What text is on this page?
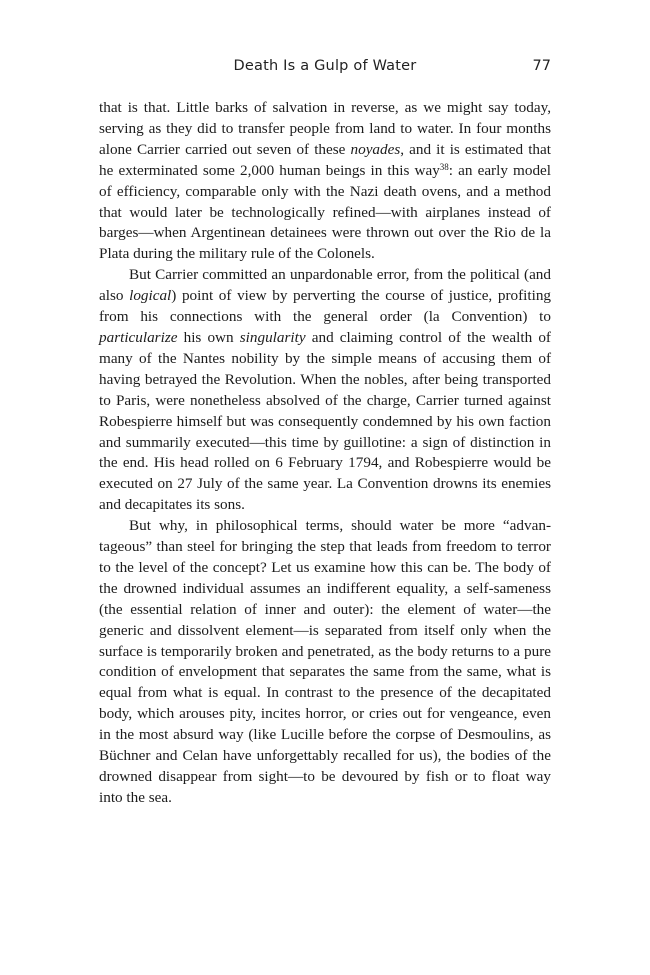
Death Is a Gulp of Water	77

that is that. Little barks of salvation in reverse, as we might say today, serving as they did to transfer people from land to water. In four months alone Carrier carried out seven of these noyades, and it is estimated that he exterminated some 2,000 human beings in this way$^{38}$: an early model of efficiency, comparable only with the Nazi death ovens, and a method that would later be technologically refined—with airplanes instead of barges—when Argentinean detainees were thrown out over the Rio de la Plata during the military rule of the Colonels.

But Carrier committed an unpardonable error, from the political (and also logical) point of view by perverting the course of justice, profiting from his connections with the general order (la Convention) to particularize his own singularity and claiming control of the wealth of many of the Nantes nobility by the simple means of accusing them of having betrayed the Revolution. When the nobles, after being transported to Paris, were nonetheless absolved of the charge, Carrier turned against Robespierre himself but was consequently condemned by his own faction and summarily executed—this time by guillotine: a sign of distinction in the end. His head rolled on 6 February 1794, and Robespierre would be executed on 27 July of the same year. La Convention drowns its enemies and decapitates its sons.

But why, in philosophical terms, should water be more “advantageous” than steel for bringing the step that leads from freedom to terror to the level of the concept? Let us examine how this can be. The body of the drowned individual assumes an indifferent equality, a self-sameness (the essential relation of inner and outer): the element of water—the generic and dissolvent element—is separated from itself only when the surface is temporarily broken and penetrated, as the body returns to a pure condition of envelopment that separates the same from the same, what is equal from what is equal. In contrast to the presence of the decapitated body, which arouses pity, incites horror, or cries out for vengeance, even in the most absurd way (like Lucille before the corpse of Desmoulins, as Büchner and Celan have unforgettably recalled for us), the bodies of the drowned disappear from sight—to be devoured by fish or to float way into the sea.
